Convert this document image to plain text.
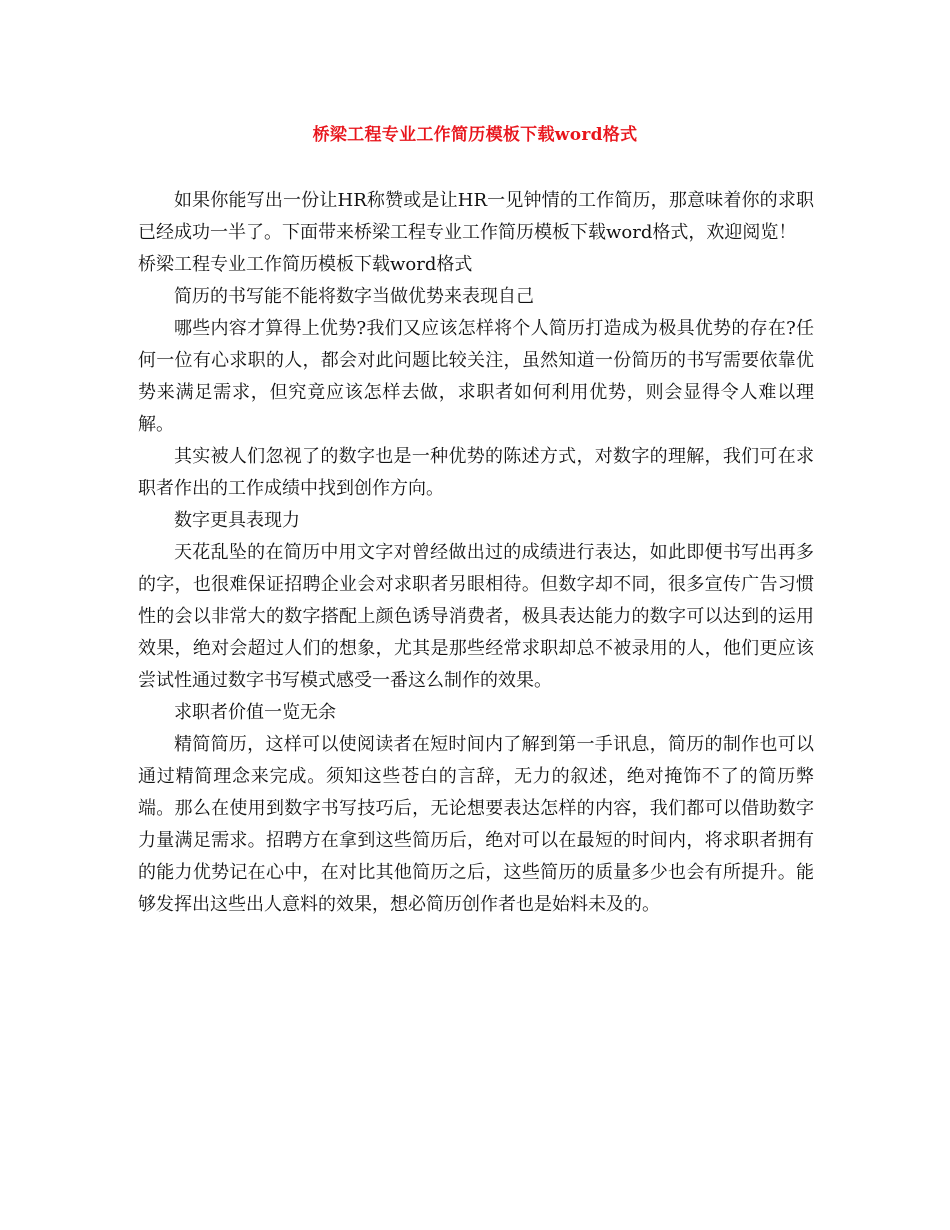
桥梁工程专业工作简历模板下载word格式

如果你能写出一份让HR称赞或是让HR一见钟情的工作简历，那意味着你的求职已经成功一半了。下面带来桥梁工程专业工作简历模板下载word格式，欢迎阅览！

桥梁工程专业工作简历模板下载word格式

简历的书写能不能将数字当做优势来表现自己

哪些内容才算得上优势?我们又应该怎样将个人简历打造成为极具优势的存在?任何一位有心求职的人，都会对此问题比较关注，虽然知道一份简历的书写需要依靠优势来满足需求，但究竟应该怎样去做，求职者如何利用优势，则会显得令人难以理解。

其实被人们忽视了的数字也是一种优势的陈述方式，对数字的理解，我们可在求职者作出的工作成绩中找到创作方向。

数字更具表现力

天花乱坠的在简历中用文字对曾经做出过的成绩进行表达，如此即便书写出再多的字，也很难保证招聘企业会对求职者另眼相待。但数字却不同，很多宣传广告习惯性的会以非常大的数字搭配上颜色诱导消费者，极具表达能力的数字可以达到的运用效果，绝对会超过人们的想象，尤其是那些经常求职却总不被录用的人，他们更应该尝试性通过数字书写模式感受一番这么制作的效果。

求职者价值一览无余

精简简历，这样可以使阅读者在短时间内了解到第一手讯息，简历的制作也可以通过精简理念来完成。须知这些苍白的言辞，无力的叙述，绝对掩饰不了的简历弊端。那么在使用到数字书写技巧后，无论想要表达怎样的内容，我们都可以借助数字力量满足需求。招聘方在拿到这些简历后，绝对可以在最短的时间内，将求职者拥有的能力优势记在心中，在对比其他简历之后，这些简历的质量多少也会有所提升。能够发挥出这些出人意料的效果，想必简历创作者也是始料未及的。
